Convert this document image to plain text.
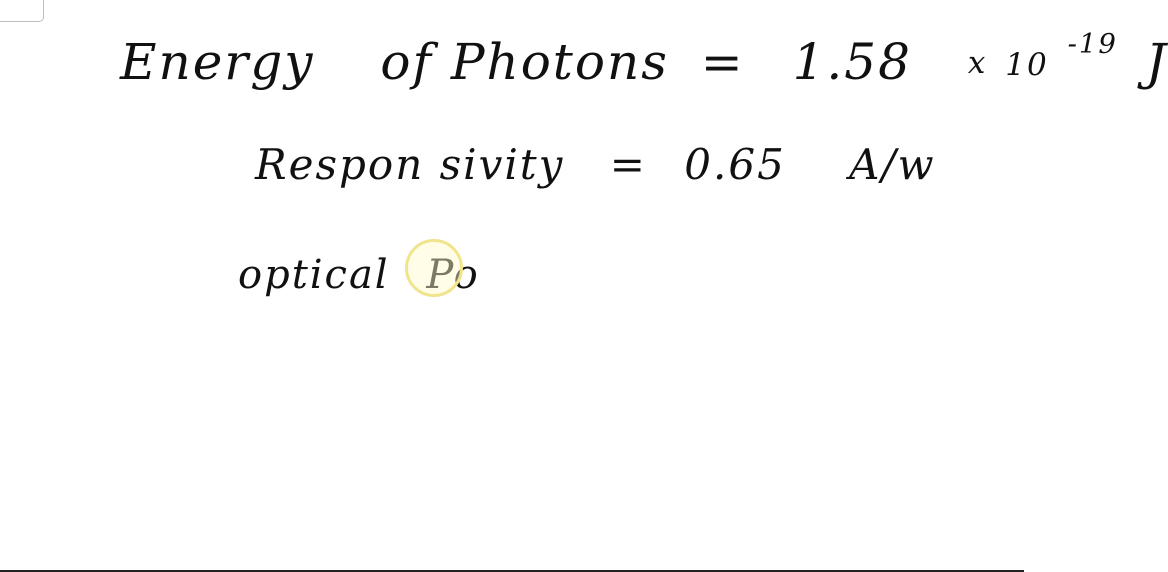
Energy of Photons = 1.58 x 10 -19 J
Respon sivity = 0.65 A/w
optical Po
